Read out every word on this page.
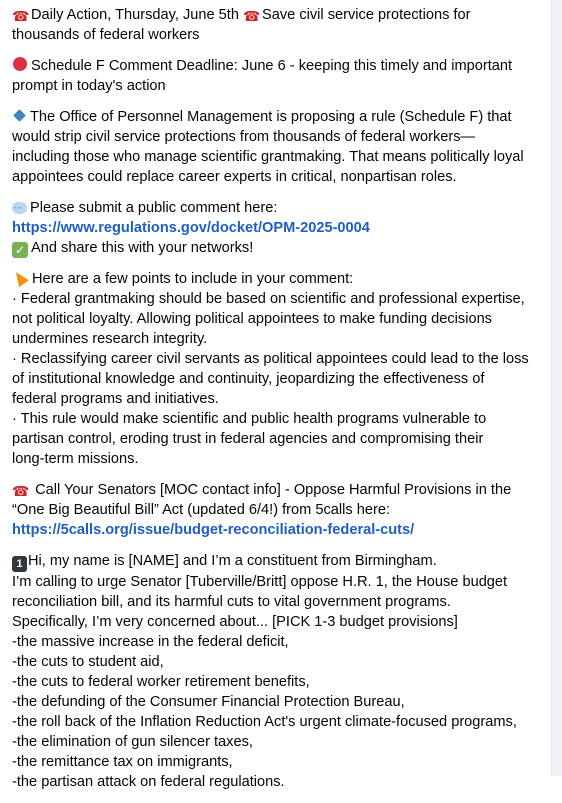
☎ Daily Action, Thursday, June 5th ☎ Save civil service protections for
thousands of federal workers

Schedule F Comment Deadline: June 6 - keeping this timely and important
prompt in today's action

The Office of Personnel Management is proposing a rule (Schedule F) that
would strip civil service protections from thousands of federal workers—
including those who manage scientific grantmaking. That means politically loyal
appointees could replace career experts in critical, nonpartisan roles.

···Please submit a public comment here:
https://www.regulations.gov/docket/OPM-2025-0004
✓ And share this with your networks!

Here are a few points to include in your comment:
· Federal grantmaking should be based on scientific and professional expertise,
not political loyalty. Allowing political appointees to make funding decisions
undermines research integrity.
· Reclassifying career civil servants as political appointees could lead to the loss
of institutional knowledge and continuity, jeopardizing the effectiveness of
federal programs and initiatives.
· This rule would make scientific and public health programs vulnerable to
partisan control, eroding trust in federal agencies and compromising their
long-term missions.

☎ Call Your Senators [MOC contact info] - Oppose Harmful Provisions in the
“One Big Beautiful Bill” Act (updated 6/4!) from 5calls here:
https://5calls.org/issue/budget-reconciliation-federal-cuts/

1 Hi, my name is [NAME] and I’m a constituent from Birmingham.
I’m calling to urge Senator [Tuberville/Britt] oppose H.R. 1, the House budget
reconciliation bill, and its harmful cuts to vital government programs.
Specifically, I’m very concerned about... [PICK 1-3 budget provisions]
-the massive increase in the federal deficit,
-the cuts to student aid,
-the cuts to federal worker retirement benefits,
-the defunding of the Consumer Financial Protection Bureau,
-the roll back of the Inflation Reduction Act's urgent climate-focused programs,
-the elimination of gun silencer taxes,
-the remittance tax on immigrants,
-the partisan attack on federal regulations.
